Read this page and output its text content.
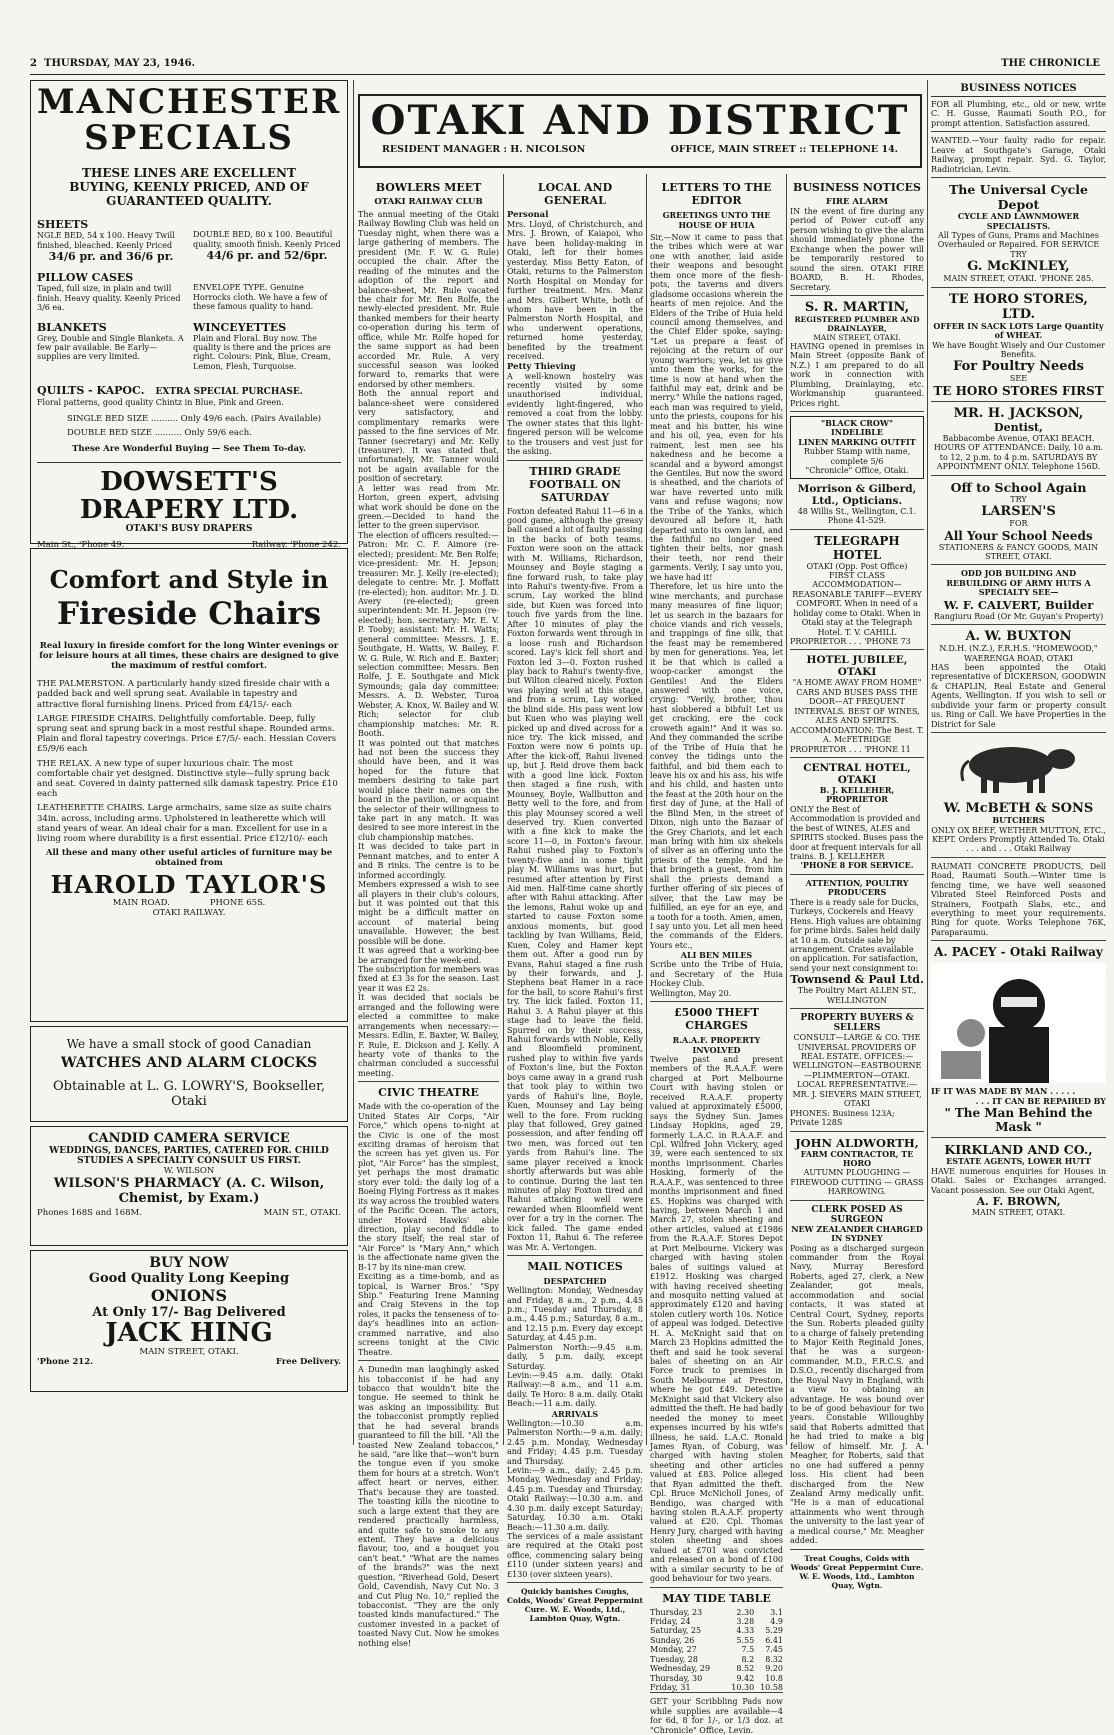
2 THURSDAY, MAY 23, 1946.	THE CHRONICLE
MANCHESTER
SPECIALS
THESE LINES ARE EXCELLENT BUYING, KEENLY PRICED, AND OF GUARANTEED QUALITY.
SHEETS
NGLE BED, 54 x 100. Heavy Twill finished, bleached. Keenly Priced
34/6 pr. and 36/6 pr.
DOUBLE BED, 80 x 100. Beautiful quality, smooth finish. Keenly Priced
44/6 pr. and 52/6pr.
PILLOW CASES
Taped, full size, in plain and twill finish. Heavy quality. Keenly Priced 3/6 ea.
ENVELOPE TYPE. Genuine Horrocks cloth. We have a few of these famous quality to hand.
BLANKETS
Grey, Double and Single Blankets. A few pair available. Be Early—supplies are very limited.
WINCEYETTES
Plain and Floral. Buy now. The quality is there and the prices are right. Colours: Pink, Blue, Cream, Lemon, Flesh, Turquoise.
QUILTS - KAPOC. EXTRA SPECIAL PURCHASE.
Floral patterns, good quality Chintz in Blue, Pink and Green.
SINGLE BED SIZE .......... Only 49/6 each. (Pairs Available)
DOUBLE BED SIZE .......... Only 59/6 each.
These Are Wonderful Buying — See Them To-day.
DOWSETT'S DRAPERY LTD.
OTAKI'S BUSY DRAPERS
Main St., 'Phone 49.	Railway. 'Phone 242.
Comfort and Style in
Fireside Chairs
Real luxury in fireside comfort for the long Winter evenings or for leisure hours at all times, these chairs are designed to give the maximum of restful comfort.
THE PALMERSTON. A particularly handy sized fireside chair with a padded back and well sprung seat. Available in tapestry and attractive floral furnishing linens. Priced from £4/15/- each
LARGE FIRESIDE CHAIRS. Delightfully comfortable. Deep, fully sprung seat and sprung back in a most restful shape. Rounded arms. Plain and floral tapestry coverings. Price £7/5/- each. Hessian Covers £5/9/6 each
THE RELAX. A new type of super luxurious chair. The most comfortable chair yet designed. Distinctive style—fully sprung back and seat. Covered in dainty patterned silk damask tapestry. Price £10 each
LEATHERETTE CHAIRS. Large armchairs, same size as suite chairs 34in. across, including arms. Upholstered in leatherette which will stand years of wear. An ideal chair for a man. Excellent for use in a living room where durability is a first essential. Price £12/10/- each
All these and many other useful articles of furniture may be obtained from
HAROLD TAYLOR'S
MAIN ROAD.	PHONE 65S.
OTAKI RAILWAY.
We have a small stock of good Canadian
WATCHES AND ALARM CLOCKS
Obtainable at L. G. LOWRY'S, Bookseller, Otaki
CANDID CAMERA SERVICE
WEDDINGS, DANCES, PARTIES, CATERED FOR. CHILD STUDIES A SPECIALTY CONSULT US FIRST.
W. WILSON
WILSON'S PHARMACY (A. C. Wilson, Chemist, by Exam.)
Phones 168S and 168M.	MAIN ST., OTAKI.
BUY NOW
Good Quality Long Keeping
ONIONS
At Only 17/- Bag Delivered
JACK HING
MAIN STREET, OTAKI.
'Phone 212.	Free Delivery.
OTAKI AND DISTRICT
RESIDENT MANAGER : H. NICOLSON	OFFICE, MAIN STREET :: TELEPHONE 14.
BOWLERS MEET
OTAKI RAILWAY CLUB
The annual meeting of the Otaki Railway Bowling Club was held on Tuesday night, when there was a large gathering of members. The president (Mr. F. W. G. Rule) occupied the chair. After the reading of the minutes and the adoption of the report and balance-sheet, Mr. Rule vacated the chair for Mr. Ben Rolfe, the newly-elected president. Mr. Rule thanked members for their hearty co-operation during his term of office, while Mr. Rolfe hoped for the same support as had been accorded Mr. Rule. A very successful season was looked forward to, remarks that were endorsed by other members.
Both the annual report and balance-sheet were considered very satisfactory, and complimentary remarks were passed to the fine services of Mr. Tanner (secretary) and Mr. Kelly (treasurer). It was stated that, unfortunately, Mr. Tanner would not be again available for the position of secretary.
A letter was read from Mr. Horton, green expert, advising what work should be done on the green.—Decided to hand the letter to the green supervisor.
The election of officers resulted:—Patron: Mr. C. F. Aimore (re-elected); president: Mr. Ben Rolfe; vice-president: Mr. H. Jepson; treasurer: Mr. J. Kelly (re-elected); delegate to centre: Mr. J. Moffatt (re-elected); hon. auditor: Mr. J. D. Avery (re-elected); green superintendent: Mr. H. Jepson (re-elected); hon. secretary: Mr. E. V. P. Tooby; assistant: Mr. H. Watts; general committee: Messrs. J. E. Southgate, H. Watts, W. Bailey, F. W. G. Rule, W. Rich and E. Baxter; selection committee: Messrs. Ben Rolfe, J. E. Southgate and Mick Symounds; gala day committee: Messrs. A. D. Webster, Turoa Webster, A. Knox, W. Bailey and W. Rich; selector for club championship matches: Mr. R. Booth.
It was pointed out that matches had not been the success they should have been, and it was hoped for the future that members desiring to take part would place their names on the board in the pavilion, or acquaint the selector of their willingness to take part in any match. It was desired to see more interest in the club championship matches.
It was decided to take part in Pennant matches, and to enter A and B rinks. The centre is to be informed accordingly.
Members expressed a wish to see all players in their club's colours, but it was pointed out that this might be a difficult matter on account of material being unavailable. However, the best possible will be done.
It was agreed that a working-bee be arranged for the week-end.
The subscription for members was fixed at £3 3s for the season. Last year it was £2 2s.
It was decided that socials be arranged and the following were elected a committee to make arrangements when necessary:—Messrs. Edlin, E. Baxter, W. Bailey, F. Rule, E. Dickson and J. Kelly. A hearty vote of thanks to the chairman concluded a successful meeting.
CIVIC THEATRE
Made with the co-operation of the United States Air Corps, "Air Force," which opens to-night at the Civic is one of the most exciting dramas of heroism that the screen has yet given us. For plot, "Air Force" has the simplest, yet perhaps the most dramatic story ever told: the daily log of a Boeing Flying Fortress as it makes its way across the troubled waters of the Pacific Ocean. The actors, under Howard Hawks' able direction, play second fiddle to the story itself; the real star of "Air Force" is "Mary Ann," which is the affectionate name given the B-17 by its nine-man crew.
Exciting as a time-bomb, and as topical, is Warner Bros.' "Spy Ship." Featuring Irene Manning and Craig Stevens in the top roles, it packs the tenseness of to-day's headlines into an action-crammed narrative, and also screens tonight at the Civic Theatre.
A Dunedin man laughingly asked his tobacconist if he had any tobacco that wouldn't bite the tongue. He seemed to think he was asking an impossibility. But the tobacconist promptly replied that he had several brands guaranteed to fill the bill. "All the toasted New Zealand tobaccos," he said, "are like that—won't burn the tongue even if you smoke them for hours at a stretch. Won't affect heart or nerves, either. That's because they are toasted. The toasting kills the nicotine to such a large extent that they are rendered practically harmless, and quite safe to smoke to any extent. They have a delicious flavour, too, and a bouquet you can't beat." "What are the names of the brands?" was the next question. "Riverhead Gold, Desert Gold, Cavendish, Navy Cut No. 3 and Cut Plug No. 10," replied the tobacconist. "They are the only toasted kinds manufactured." The customer invested in a packet of toasted Navy Cut. Now he smokes nothing else!
LOCAL AND GENERAL
Personal
Mrs. Lloyd, of Christchurch, and Mrs. J. Brown, of Kaiapoi, who have been holiday-making in Otaki, left for their homes yesterday. Miss Betty Eaton, of Otaki, returns to the Palmerston North Hospital on Monday for further treatment. Mrs. Manz and Mrs. Gilbert White, both of whom have been in the Palmerston North Hospital, and who underwent operations, returned home yesterday, benefited by the treatment received.
Petty Thieving
A well-known hostelry was recently visited by some unauthorised individual, evidently light-fingered, who removed a coat from the lobby. The owner states that this light-fingered person will be welcome to the trousers and vest just for the asking.
THIRD GRADE FOOTBALL ON SATURDAY
Foxton defeated Rahui 11—6 in a good game, although the greasy ball caused a lot of faulty passing in the backs of both teams. Foxton were soon on the attack with M. Williams, Richardson, Mounsey and Boyle staging a fine forward rush, to take play into Rahui's twenty-five. From a scrum, Lay worked the blind side, but Kuen was forced into touch five yards from the line. After 10 minutes of play the Foxton forwards went through in a loose rush and Richardson scored. Lay's kick fell short and Foxton led 3—0. Foxton rushed play back to Rahui's twenty-five, but Wilton cleared nicely. Foxton was playing well at this stage, and from a scrum, Lay worked the blind side. His pass went low but Kuen who was playing well picked up and dived across for a nice try. The kick missed, and Foxton were now 6 points up. After the kick-off, Rahui livened up, but J. Reid drove them back with a good line kick. Foxton then staged a fine rush, with Mounsey, Boyle, Wallbutton and Betty well to the fore, and from this play Mounsey scored a well deserved try. Kuen converted with a fine kick to make the score 11—0, in Foxton's favour. Rahui rushed play to Foxton's twenty-five and in some tight play M. Williams was hurt, but resumed after attention by First Aid men. Half-time came shortly after with Rahui attacking. After the lemons, Rahui woke up and started to cause Foxton some anxious moments, but good tackling by Ivan Williams, Reid, Kuen, Coley and Hamer kept them out. After a good run by Evans, Rahui staged a fine rush by their forwards, and J. Stephens beat Hamer in a race for the ball, to score Rahui's first try. The kick failed. Foxton 11, Rahui 3. A Rahui player at this stage had to leave the field. Spurred on by their success, Rahui forwards with Noble, Kelly and Bloomfield prominent, rushed play to within five yards of Foxton's line, but the Foxton boys came away in a grand rush that took play to within two yards of Rahui's line, Boyle, Kuen, Mounsey and Lay being well to the fore. From rucking play that followed, Grey gained possession, and after fending off two men, was forced out ten yards from Rahui's line. The same player received a knock shortly afterwards but was able to continue. During the last ten minutes of play Foxton tired and Rahui attacking well were rewarded when Bloomfield went over for a try in the corner. The kick failed. The game ended Foxton 11, Rahui 6. The referee was Mr. A. Vertongen.
MAIL NOTICES
DESPATCHED
Wellington: Monday, Wednesday and Friday, 8 a.m., 2 p.m., 4.45 p.m.; Tuesday and Thursday, 8 a.m., 4.45 p.m.; Saturday, 8 a.m., and 12.15 p.m. Every day except Saturday, at 4.45 p.m.
Palmerston North:—9.45 a.m. daily, 5 p.m. daily, except Saturday.
Levin:—9.45 a.m. daily. Otaki Railway:—8 a.m., and 11 a.m. daily. Te Horo: 8 a.m. daily. Otaki Beach:—11 a.m. daily.
ARRIVALS
Wellington:—10.30 a.m. Palmerston North:—9 a.m. daily; 2.45 p.m. Monday, Wednesday and Friday; 4.45 p.m. Tuesday and Thursday.
Levin:—9 a.m., daily; 2.45 p.m. Monday, Wednesday and Friday; 4.45 p.m. Tuesday and Thursday. Otaki Railway:—10.30 a.m. and 4.30 p.m. daily except Saturday; Saturday, 10.30 a.m. Otaki Beach:—11.30 a.m. daily.
The services of a male assistant are required at the Otaki post office, commencing salary being £110 (under sixteen years) and £130 (over sixteen years).
Quickly banishes Coughs, Colds, Woods' Great Peppermint Cure. W. E. Woods, Ltd., Lambton Quay, Wgtn.
LETTERS TO THE EDITOR
GREETINGS UNTO THE HOUSE OF HUIA
Sir,—Now it came to pass that the tribes which were at war one with another, laid aside their weapons and besought them once more of the flesh-pots, the taverns and divers gladsome occasions wherein the hearts of men rejoice. And the Elders of the Tribe of Huia held council among themselves, and the Chief Elder spoke, saying: "Let us prepare a feast of rejoicing at the return of our young warriors; yea, let us give unto them the works, for the time is now at hand when the faithful may eat, drink and be merry." While the nations raged, each man was required to yield, unto the priests, coupons for his meat and his butter, his wine and his oil, yea, even for his raiment, lest men see his nakedness and he become a scandal and a byword amongst the Gentiles. But now the sword is sheathed, and the chariots of war have reverted unto milk vans and refuse wagons; now the Tribe of the Yanks, which devoured all before it, hath departed unto its own land, and the faithful no longer need tighten their belts, nor gnash their teeth, nor rend their garments. Verily, I say unto you, we have had it!
Therefore, let us hire unto the wine merchants, and purchase many measures of fine liquor; let us search in the bazaars for choice viands and rich vessels, and trappings of fine silk, that the feast may be remembered by men for generations. Yea, let it be that which is called a woop-cacker amongst the Gentiles! And the Elders answered with one voice, crying: "Verily, brother, thou hast slobbered a bibful! Let us get cracking, ere the cock croweth again!" And it was so. And they commanded the scribe of the Tribe of Huia that he convey the tidings unto the faithful, and bid them each to leave his ox and his ass, his wife and his child, and hasten unto the feast at the 20th hour on the first day of June, at the Hall of the Blind Men, in the street of Dixon, nigh unto the Bazaar of the Grey Chariots, and let each man bring with him six shekels of silver as an offering unto the priests of the temple. And he that bringeth a guest, from him shall the priests demand a further offering of six pieces of silver, that the Law may be fulfilled, an eye for an eye, and a tooth for a tooth. Amen, amen, I say unto you. Let all men heed the commands of the Elders. Yours etc.,
ALI BEN MILES
Scribe unto the Tribe of Huia, and Secretary of the Huia Hockey Club.
Wellington, May 20.
£5000 THEFT CHARGES
R.A.A.F. PROPERTY INVOLVED
Twelve past and present members of the R.A.A.F. were charged at Port Melbourne Court with having stolen or received R.A.A.F. property valued at approximately £5000, says the Sydney Sun. James Lindsay Hopkins, aged 29, formerly L.A.C. in R.A.A.F. and Cpl. Wilfred John Vickery, aged 39, were each sentenced to six months imprisonment. Charles Hosking, formerly of the R.A.A.F., was sentenced to three months imprisonment and fined £5. Hopkins was charged with having, between March 1 and March 27, stolen sheeting and other articles, valued at £1986 from the R.A.A.F. Stores Depot at Port Melbourne. Vickery was charged with having stolen bales of suitings valued at £1912. Hosking was charged with having received sheeting and mosquito netting valued at approximately £120 and having stolen cutlery worth 10s. Notice of appeal was lodged. Detective H. A. McKnight said that on March 23 Hopkins admitted the theft and said he took several bales of sheeting on an Air Force truck to premises in South Melbourne at Preston, where he got £49. Detective McKnight said that Vickery also admitted the theft. He had badly needed the money to meet expenses incurred by his wife's illness, he said. L.A.C. Ronald James Ryan, of Coburg, was charged with having stolen sheeting and other articles valued at £83. Police alleged that Ryan admitted the theft. Cpl. Bruce McNicholl Jones, of Bendigo, was charged with having stolen R.A.A.F. property valued at £20. Cpl. Thomas Henry Jury, charged with having stolen sheeting and shoes valued at £701 was convicted and released on a bond of £100 with a similar security to be of good behaviour for two years.
MAY TIDE TABLE
Thursday, 23	2.30	3.1
Friday, 24	3.28	4.9
Saturday, 25	4.33	5.29
Sunday, 26	5.55	6.41
Monday, 27	7.5	7.45
Tuesday, 28	8.2	8.32
Wednesday, 29	8.52	9.20
Thursday, 30	9.42	10.8
Friday, 31	10.30	10.58
GET your Scribbling Pads now while supplies are available—4 for 6d, 8 for 1/-, or 1/3 doz. at "Chronicle" Office, Levin.
BUSINESS NOTICES
FIRE ALARM
IN the event of fire during any period of Power cut-off any person wishing to give the alarm should immediately phone the Exchange when the power will be temporarily restored to sound the siren. OTAKI FIRE BOARD, B. H. Rhodes, Secretary.
S. R. MARTIN,
REGISTERED PLUMBER AND DRAINLAYER,
MAIN STREET, OTAKI.
HAVING opened in premises in Main Street (opposite Bank of N.Z.) I am prepared to do all work in connection with Plumbing, Drainlaying, etc. Workmanship guaranteed. Prices right.
"BLACK CROW"
INDELIBLE
LINEN MARKING OUTFIT
Rubber Stamp with name, complete 5/6
"Chronicle" Office, Otaki.
Morrison & Gilberd, Ltd., Opticians.
48 Willis St., Wellington, C.1. Phone 41-529.
TELEGRAPH HOTEL
OTAKI (Opp. Post Office)
FIRST CLASS ACCOMMODATION—REASONABLE TARIFF—EVERY COMFORT. When in need of a holiday come to Otaki. When in Otaki stay at the Telegraph Hotel. T. V. CAHILL
PROPRIETOR . . . 'PHONE 73
HOTEL JUBILEE, OTAKI
"A HOME AWAY FROM HOME" CARS AND BUSES PASS THE DOOR—AT FREQUENT INTERVALS. BEST OF WINES, ALES AND SPIRITS. ACCOMMODATION: The Best. T. A. McFETRIDGE
PROPRIETOR . . . 'PHONE 11
CENTRAL HOTEL, OTAKI
B. J. KELLEHER, PROPRIETOR
ONLY the Best of Accommodation is provided and the best of WINES, ALES and SPIRITS stocked. Buses pass the door at frequent intervals for all trains. B. J. KELLEHER
'PHONE 8 FOR SERVICE.
ATTENTION, POULTRY PRODUCERS
There is a ready sale for Ducks, Turkeys, Cockerels and Heavy Hens. High values are obtaining for prime birds. Sales held daily at 10 a.m. Outside sale by arrangement. Crates available on application. For satisfaction, send your next consignment to:
Townsend & Paul Ltd.
The Poultry Mart ALLEN ST., WELLINGTON
PROPERTY BUYERS & SELLERS
CONSULT—LARGE & CO. THE UNIVERSAL PROVIDERS OF REAL ESTATE. OFFICES:—WELLINGTON—EASTBOURNE—PLIMMERTON—OTAKI. LOCAL REPRESENTATIVE:— MR. J. SIEVERS MAIN STREET, OTAKI
PHONES: Business 123A; Private 128S
JOHN ALDWORTH,
FARM CONTRACTOR, TE HORO
AUTUMN PLOUGHING — FIREWOOD CUTTING — GRASS HARROWING.
CLERK POSED AS SURGEON
NEW ZEALANDER CHARGED IN SYDNEY
Posing as a discharged surgeon commander from the Royal Navy, Murray Beresford Roberts, aged 27, clerk, a New Zealander, got meals, accommodation and social contacts, it was stated at Central Court, Sydney, reports the Sun. Roberts pleaded guilty to a charge of falsely pretending to Major Keith Reginald Jones, that he was a surgeon-commander, M.D., F.R.C.S. and D.S.O., recently discharged from the Royal Navy in England, with a view to obtaining an advantage. He was bound over to be of good behaviour for two years. Constable Willoughby said that Roberts admitted that he had tried to make a big fellow of himself. Mr. J. A. Meagher, for Roberts, said that no one had suffered a penny loss. His client had been discharged from the New Zealand Army medically unfit. "He is a man of educational attainments who went through the university to the last year of a medical course," Mr. Meagher added.
Treat Coughs, Colds with Woods' Great Peppermint Cure. W. E. Woods, Ltd., Lambton Quay, Wgtn.
BUSINESS NOTICES
FOR all Plumbing, etc., old or new, write C. H. Gusse, Raumati South P.O., for prompt attention. Satisfaction assured.
WANTED.—Your faulty radio for repair. Leave at Southgate's Garage, Otaki Railway, prompt repair. Syd. G. Taylor, Radiotrician, Levin.
The Universal Cycle Depot
CYCLE AND LAWNMOWER SPECIALISTS.
All Types of Guns, Prams and Machines Overhauled or Repaired. FOR SERVICE TRY
G. McKINLEY,
MAIN STREET, OTAKI. 'PHONE 285.
TE HORO STORES, LTD.
OFFER IN SACK LOTS Large Quantity of WHEAT.
We have Bought Wisely and Our Customer Benefits.
For Poultry Needs
SEE
TE HORO STORES FIRST
MR. H. JACKSON,
Dentist,
Babbacombe Avenue, OTAKI BEACH.
HOURS OF ATTENDANCE: Daily, 10 a.m. to 12, 2 p.m. to 4 p.m. SATURDAYS BY APPOINTMENT ONLY. Telephone 156D.
Off to School Again
TRY
LARSEN'S
FOR
All Your School Needs
STATIONERS & FANCY GOODS, MAIN STREET, OTAKI.
ODD JOB BUILDING AND REBUILDING OF ARMY HUTS A SPECIALTY SEE—
W. F. CALVERT, Builder
Rangiuru Road (Or Mr. Guyan's Property)
A. W. BUXTON
N.D.H. (N.Z.), F.R.H.S. "HOMEWOOD," WAERENGA ROAD, OTAKI
HAS been appointed the Otaki representative of DICKERSON, GOODWIN & CHAPLIN, Real Estate and General Agents, Wellington. If you wish to sell or subdivide your farm or property consult us. Ring or Call. We have Properties in the District for Sale
W. McBETH & SONS
BUTCHERS
ONLY OX BEEF, WETHER MUTTON, ETC., KEPT. Orders Promptly Attended To. Otaki . . . and . . . Otaki Railway
RAUMATI CONCRETE PRODUCTS, Dell Road, Raumati South.—Winter time is fencing time, we have well seasoned Vibrated Steel Reinforced Posts and Strainers, Footpath Slabs, etc., and everything to meet your requirements. Ring for quote. Works Telephone 76K, Paraparaumu.
A. PACEY - Otaki Railway
IF IT WAS MADE BY MAN . . . . .
. . . IT CAN BE REPAIRED BY
" The Man Behind the Mask "
KIRKLAND AND CO.,
ESTATE AGENTS, LOWER HUTT
HAVE numerous enquiries for Houses in Otaki. Sales or Exchanges arranged. Vacant possession. See our Otaki Agent,
A. F. BROWN,
MAIN STREET, OTAKI.
